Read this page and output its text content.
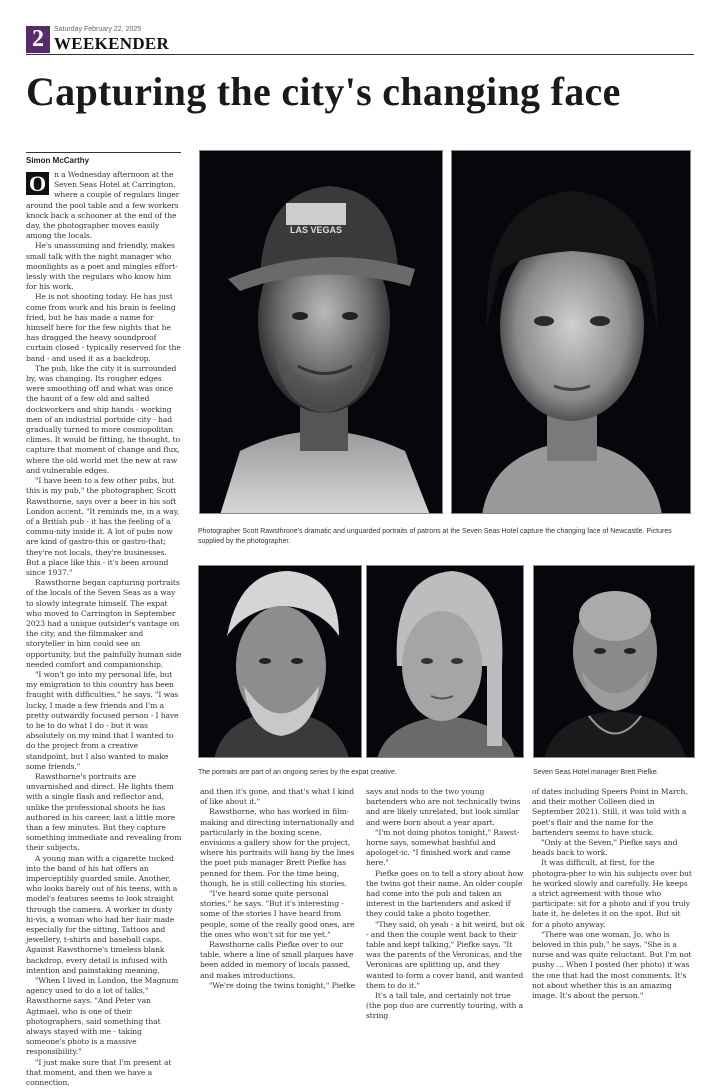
2	Saturday February 22, 2025
WEEKENDER
Capturing the city's changing face
Simon McCarthy

O	n a Wednesday afternoon at the Seven Seas Hotel at Carrington, where a couple of regulars linger around the pool table and a few workers knock back a schooner at the end of the day, the photographer moves easily among the locals.

He's unassuming and friendly, makes small talk with the night manager who moonlights as a poet and mingles effort-lessly with the regulars who know him for his work.

He is not shooting today. He has just come from work and his brain is feeling fried, but he has made a name for himself here for the few nights that he has dragged the heavy soundproof curtain closed - typically reserved for the band - and used it as a backdrop.

The pub, like the city it is surrounded by, was changing. Its rougher edges were smoothing off and what was once the haunt of a few old and salted dockworkers and ship hands - working men of an industrial portside city - had gradually turned to more cosmopolitan climes. It would be fitting, he thought, to capture that moment of change and flux, where the old world met the new at raw and vulnerable edges.

"I have been to a few other pubs, but this is my pub," the photographer, Scott Rawsthorne, says over a beer in his soft London accent. "It reminds me, in a way, of a British pub - it has the feeling of a commu-nity inside it. A lot of pubs now are kind of gastro-this or gastro-that; they're not locals, they're businesses. But a place like this - it's been around since 1937."

Rawsthorne began capturing portraits of the locals of the Seven Seas as a way to slowly integrate himself. The expat who moved to Carrington in September 2023 had a unique outsider's vantage on the city, and the filmmaker and storyteller in him could see an opportunity, but the painfully human side needed comfort and companionship.

"I won't go into my personal life, but my emigration to this country has been fraught with difficulties," he says. "I was lucky, I made a few friends and I'm a pretty outwardly focused person - I have to be to do what I do - but it was absolutely on my mind that I wanted to do the project from a creative standpoint, but I also wanted to make some friends."

Rawsthorne's portraits are unvarnished and direct. He lights them with a single flash and reflector and, unlike the professional shoots he has authored in his career, last a little more than a few minutes. But they capture something immediate and revealing from their subjects.

A young man with a cigarette tucked into the band of his hat offers an imperceptibly guarded smile. Another, who looks barely out of his teens, with a model's features seems to look straight through the camera. A worker in dusty hi-vis, a woman who had her hair made especially for the sitting. Tattoos and jewellery, t-shirts and baseball caps. Against Rawsthorne's timeless blank backdrop, every detail is infused with intention and painstaking meaning.

"When I lived in London, the Magnum agency used to do a lot of talks," Rawsthorne says. "And Peter van Agtmael, who is one of their photographers, said something that always stayed with me - taking someone's photo is a massive responsibility."

"I just make sure that I'm present at that moment, and then we have a connection,

LAS VEGAS
Photographer Scott Rawsthrone's dramatic and unguarded portraits of patrons at the Seven Seas Hotel capture the changing face of Newcastle. Pictures supplied by the photographer.
The portraits are part of an ongoing series by the expat creative.	Seven Seas Hotel manager Brett Piefke.

and then it's gone, and that's what I kind of like about it."

Rawsthorne, who has worked in film-making and directing internationally and particularly in the boxing scene, envisions a gallery show for the project, where his portraits will hang by the lines the poet pub manager Brett Piefke has penned for them. For the time being, though, he is still collecting his stories.

"I've heard some quite personal stories," he says. "But it's interesting - some of the stories I have heard from people, some of the really good ones, are the ones who won't sit for me yet."

Rawsthorne calls Piefke over to our table, where a line of small plaques have been added in memory of locals passed, and makes introductions.

"We're doing the twins tonight," Piefke

says and nods to the two young bartenders who are not technically twins and are likely unrelated, but look similar and were born about a year apart.

"I'm not doing photos tonight," Rawst-horne says, somewhat bashful and apologet-ic. "I finished work and came here."

Piefke goes on to tell a story about how the twins got their name. An older couple had come into the pub and taken an interest in the bartenders and asked if they could take a photo together.

"They said, oh yeah - a bit weird, but ok - and then the couple went back to their table and kept talking," Piefke says. "It was the parents of the Veronicas, and the Veronicas are splitting up, and they wanted to form a cover band, and wanted them to do it."

It's a tall tale, and certainly not true (the pop duo are currently touring, with a string

of dates including Speers Point in March, and their mother Colleen died in September 2021). Still, it was told with a poet's flair and the name for the bartenders seems to have stuck.

"Only at the Seven," Piefke says and heads back to work.

It was difficult, at first, for the photogra-pher to win his subjects over but he worked slowly and carefully. He keeps a strict agreement with those who participate: sit for a photo and if you truly hate it, he deletes it on the spot. But sit for a photo anyway.

"There was one woman, Jo, who is beloved in this pub," he says. "She is a nurse and was quite reluctant. But I'm not pushy ... When I posted (her photo) it was the one that had the most comments. It's not about whether this is an amazing image. It's about the person."
